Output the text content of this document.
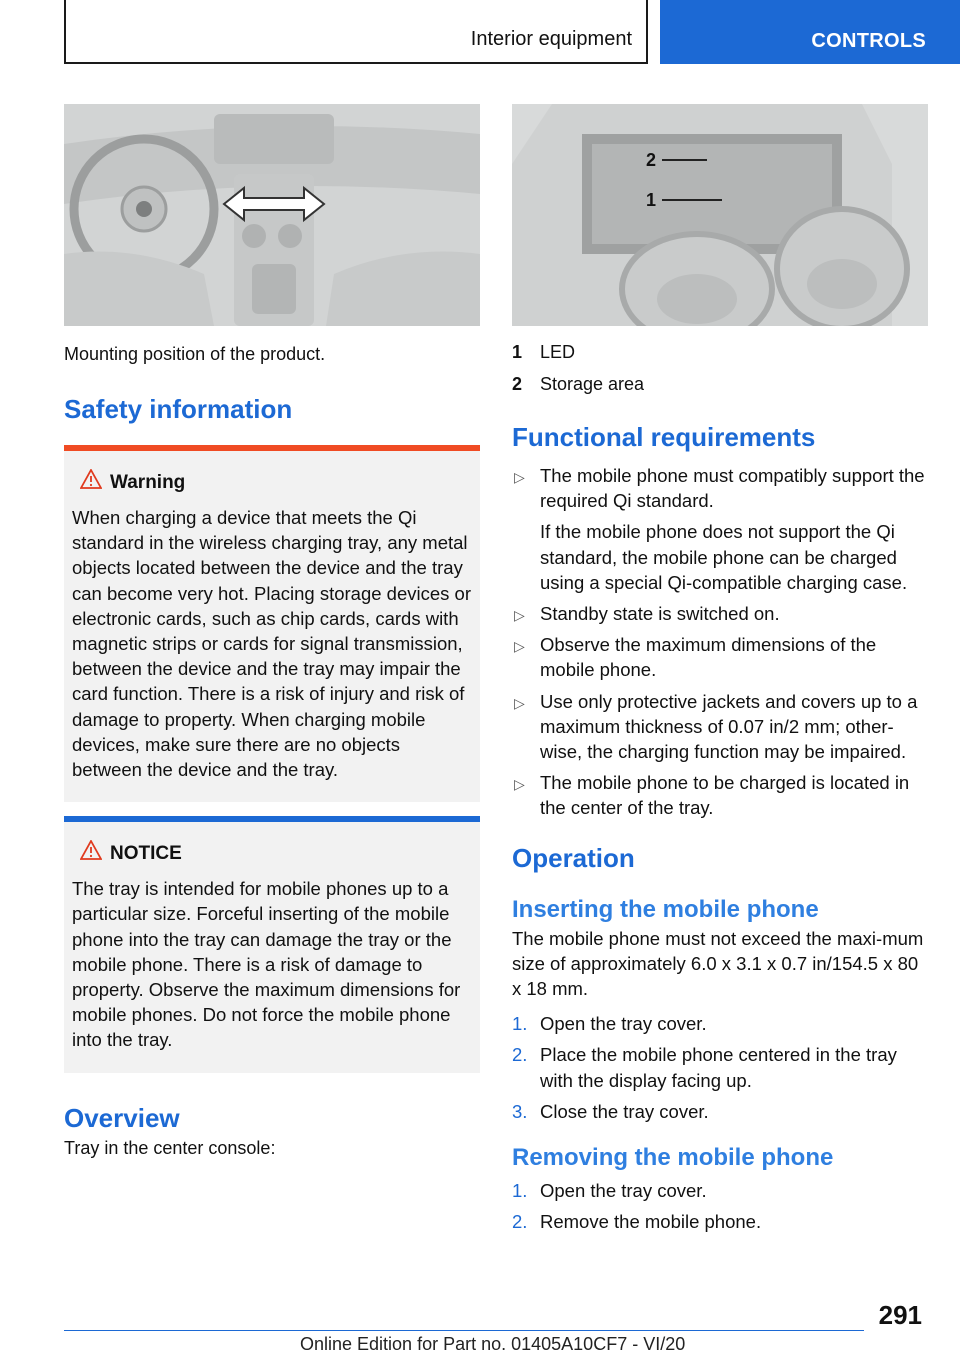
Interior equipment	CONTROLS
Mounting position of the product.
Safety information
Warning
When charging a device that meets the Qi standard in the wireless charging tray, any metal objects located between the device and the tray can become very hot. Placing storage devices or electronic cards, such as chip cards, cards with magnetic strips or cards for signal transmission, between the device and the tray may impair the card function. There is a risk of injury and risk of damage to property. When charging mobile devices, make sure there are no objects between the device and the tray.
NOTICE
The tray is intended for mobile phones up to a particular size. Forceful inserting of the mobile phone into the tray can damage the tray or the mobile phone. There is a risk of damage to property. Observe the maximum dimensions for mobile phones. Do not force the mobile phone into the tray.
Overview
Tray in the center console:
2
1
1 LED
2 Storage area
Functional requirements
▷ The mobile phone must compatibly support the required Qi standard.
If the mobile phone does not support the Qi standard, the mobile phone can be charged using a special Qi-compatible charging case.
▷ Standby state is switched on.
▷ Observe the maximum dimensions of the mobile phone.
▷ Use only protective jackets and covers up to a maximum thickness of 0.07 in/2 mm; other-wise, the charging function may be impaired.
▷ The mobile phone to be charged is located in the center of the tray.
Operation
Inserting the mobile phone
The mobile phone must not exceed the maxi-mum size of approximately 6.0 x 3.1 x 0.7 in/154.5 x 80 x 18 mm.
1. Open the tray cover.
2. Place the mobile phone centered in the tray with the display facing up.
3. Close the tray cover.
Removing the mobile phone
1. Open the tray cover.
2. Remove the mobile phone.
291
Online Edition for Part no. 01405A10CF7 - VI/20
